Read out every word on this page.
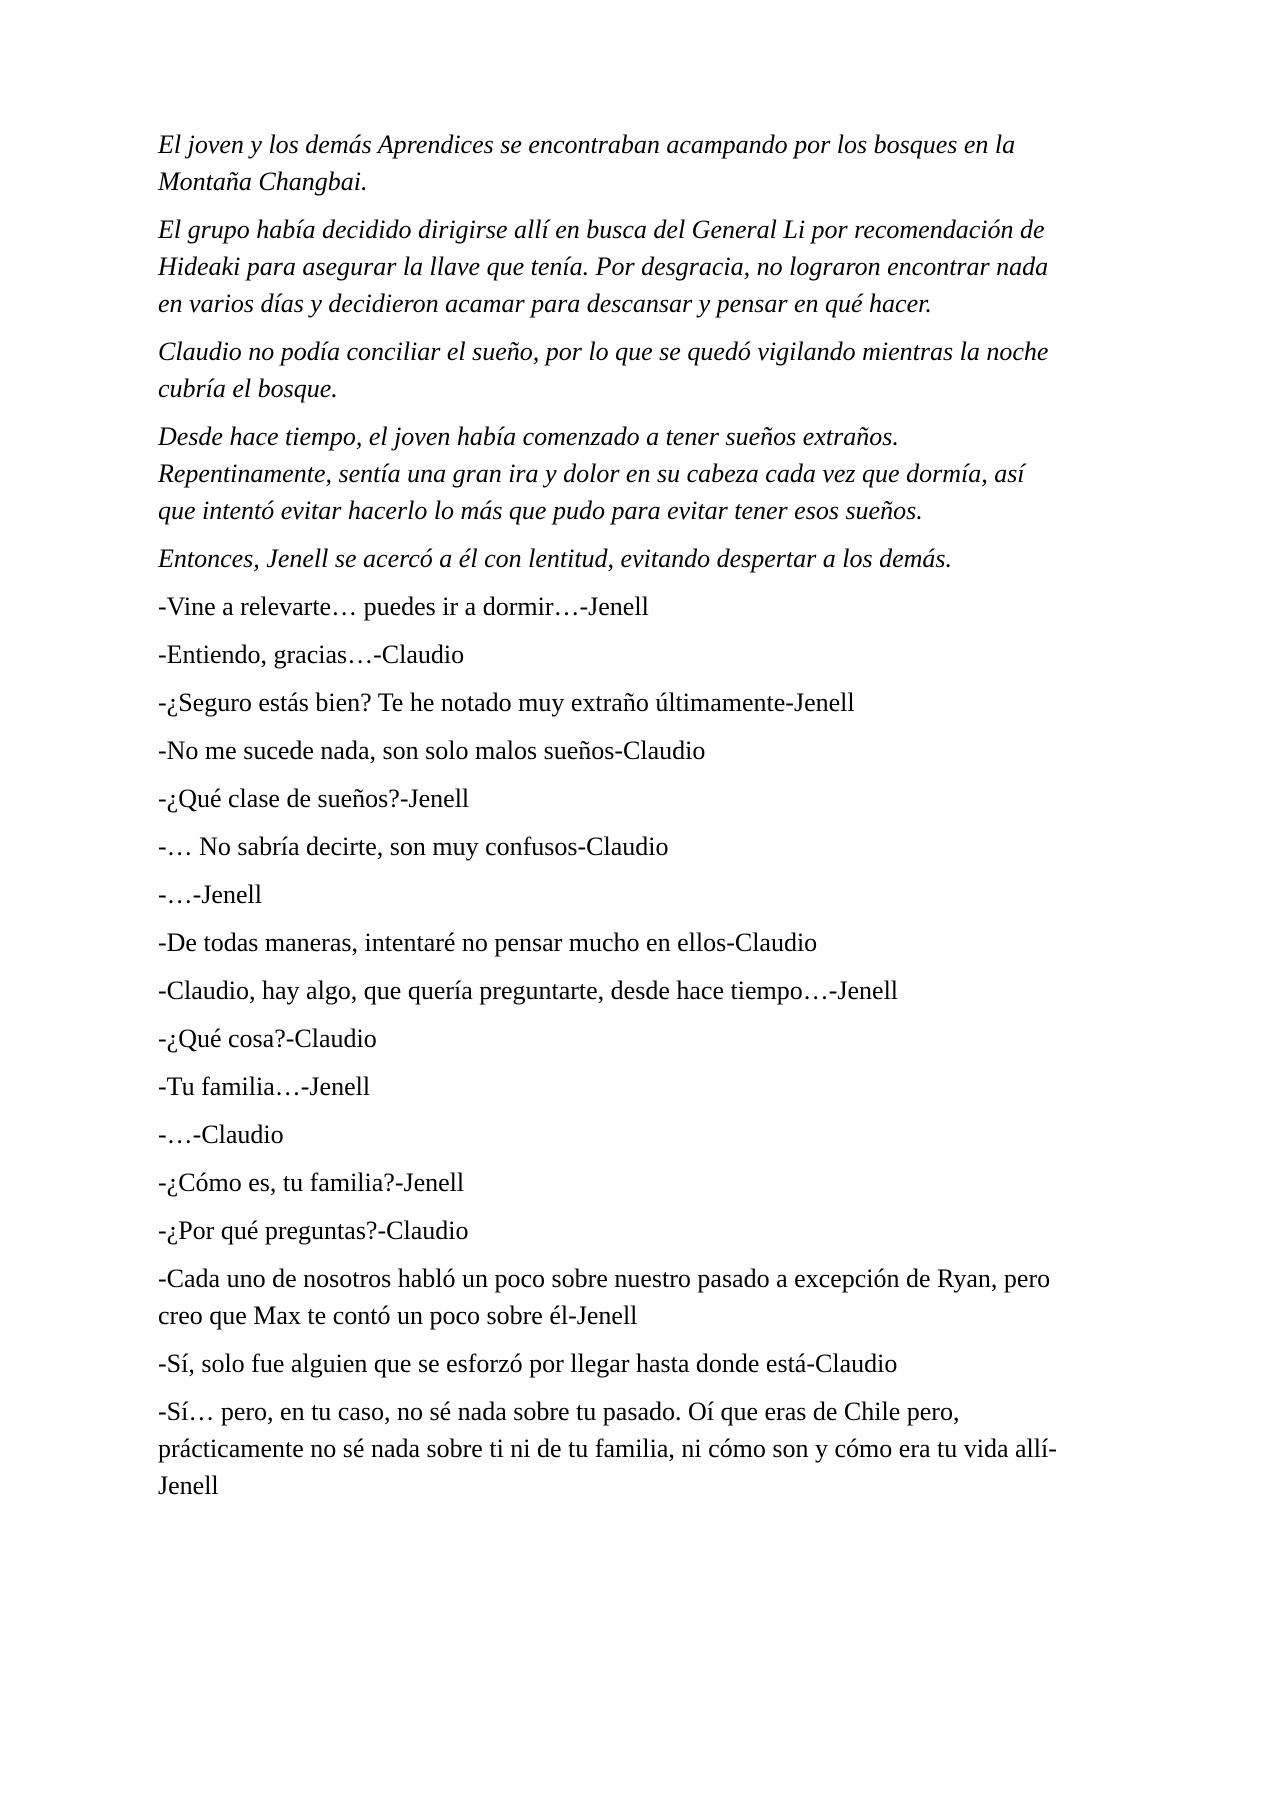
El joven y los demás Aprendices se encontraban acampando por los bosques en la Montaña Changbai.

El grupo había decidido dirigirse allí en busca del General Li por recomendación de Hideaki para asegurar la llave que tenía. Por desgracia, no lograron encontrar nada en varios días y decidieron acamar para descansar y pensar en qué hacer.

Claudio no podía conciliar el sueño, por lo que se quedó vigilando mientras la noche cubría el bosque.

Desde hace tiempo, el joven había comenzado a tener sueños extraños. Repentinamente, sentía una gran ira y dolor en su cabeza cada vez que dormía, así que intentó evitar hacerlo lo más que pudo para evitar tener esos sueños.

Entonces, Jenell se acercó a él con lentitud, evitando despertar a los demás.

-Vine a relevarte… puedes ir a dormir…-Jenell

-Entiendo, gracias…-Claudio

-¿Seguro estás bien? Te he notado muy extraño últimamente-Jenell

-No me sucede nada, son solo malos sueños-Claudio

-¿Qué clase de sueños?-Jenell

-… No sabría decirte, son muy confusos-Claudio

-…-Jenell

-De todas maneras, intentaré no pensar mucho en ellos-Claudio

-Claudio, hay algo, que quería preguntarte, desde hace tiempo…-Jenell

-¿Qué cosa?-Claudio

-Tu familia…-Jenell

-…-Claudio

-¿Cómo es, tu familia?-Jenell

-¿Por qué preguntas?-Claudio

-Cada uno de nosotros habló un poco sobre nuestro pasado a excepción de Ryan, pero creo que Max te contó un poco sobre él-Jenell

-Sí, solo fue alguien que se esforzó por llegar hasta donde está-Claudio

-Sí… pero, en tu caso, no sé nada sobre tu pasado. Oí que eras de Chile pero, prácticamente no sé nada sobre ti ni de tu familia, ni cómo son y cómo era tu vida allí-Jenell
